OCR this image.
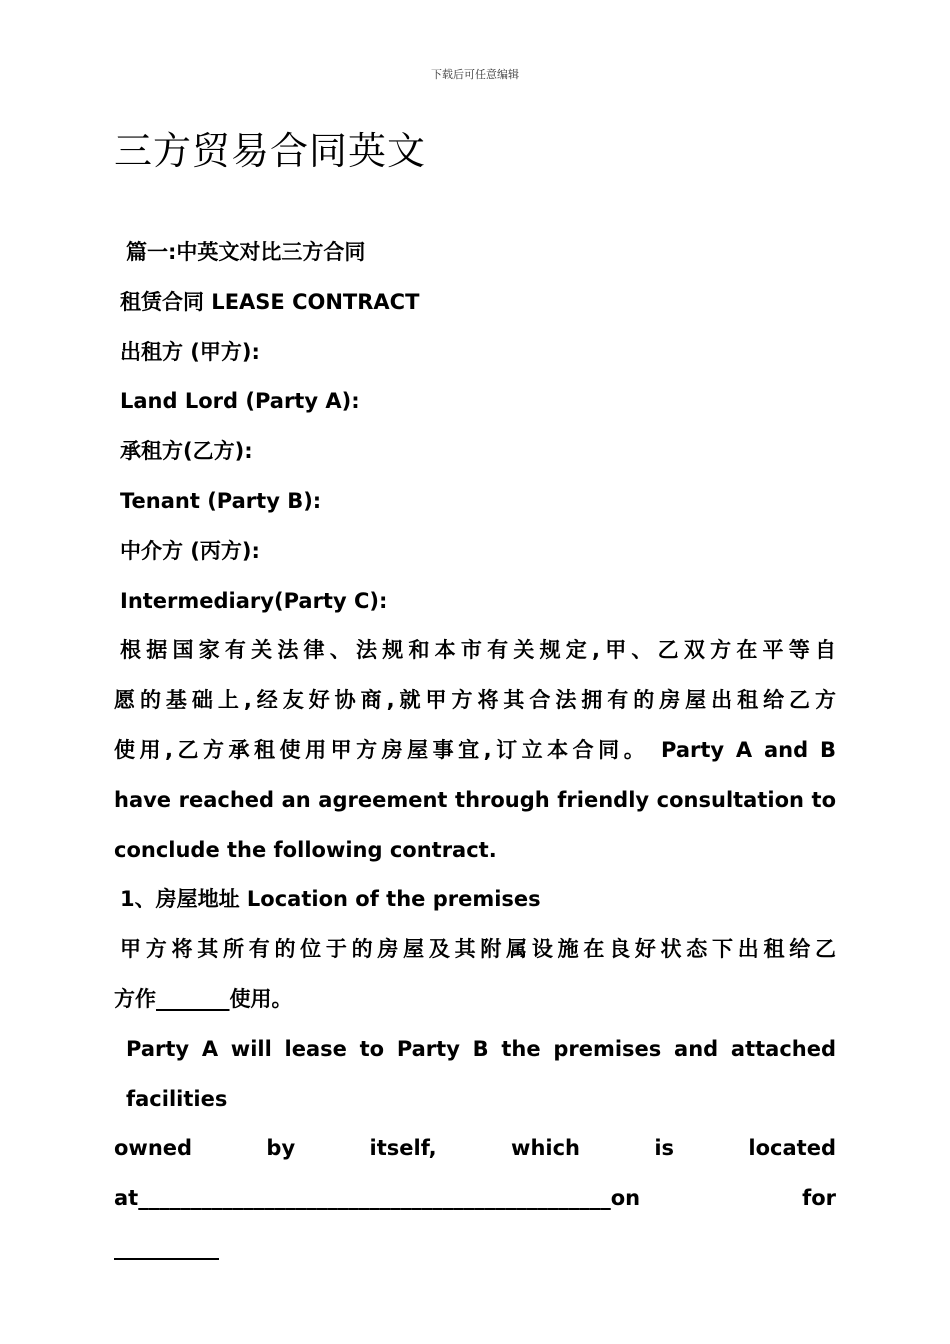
下载后可任意编辑
三方贸易合同英文
篇一:中英文对比三方合同
租赁合同 LEASE CONTRACT
出租方 (甲方):
Land Lord (Party A):
承租方(乙方):
Tenant (Party B):
中介方 (丙方):
Intermediary(Party C):
根据国家有关法律、法规和本市有关规定,甲、乙双方在平等自
愿的基础上,经友好协商,就甲方将其合法拥有的房屋出租给乙方
使用,乙方承租使用甲方房屋事宜,订立本合同。 Party A and B
have reached an agreement through friendly consultation to
conclude the following contract.
1、房屋地址 Location of the premises
甲方将其所有的位于的房屋及其附属设施在良好状态下出租给乙
方作_______使用。
Party A will lease to Party B the premises and attached facilities
owned by itself, which is located
at_____________________________________________on for
__________
